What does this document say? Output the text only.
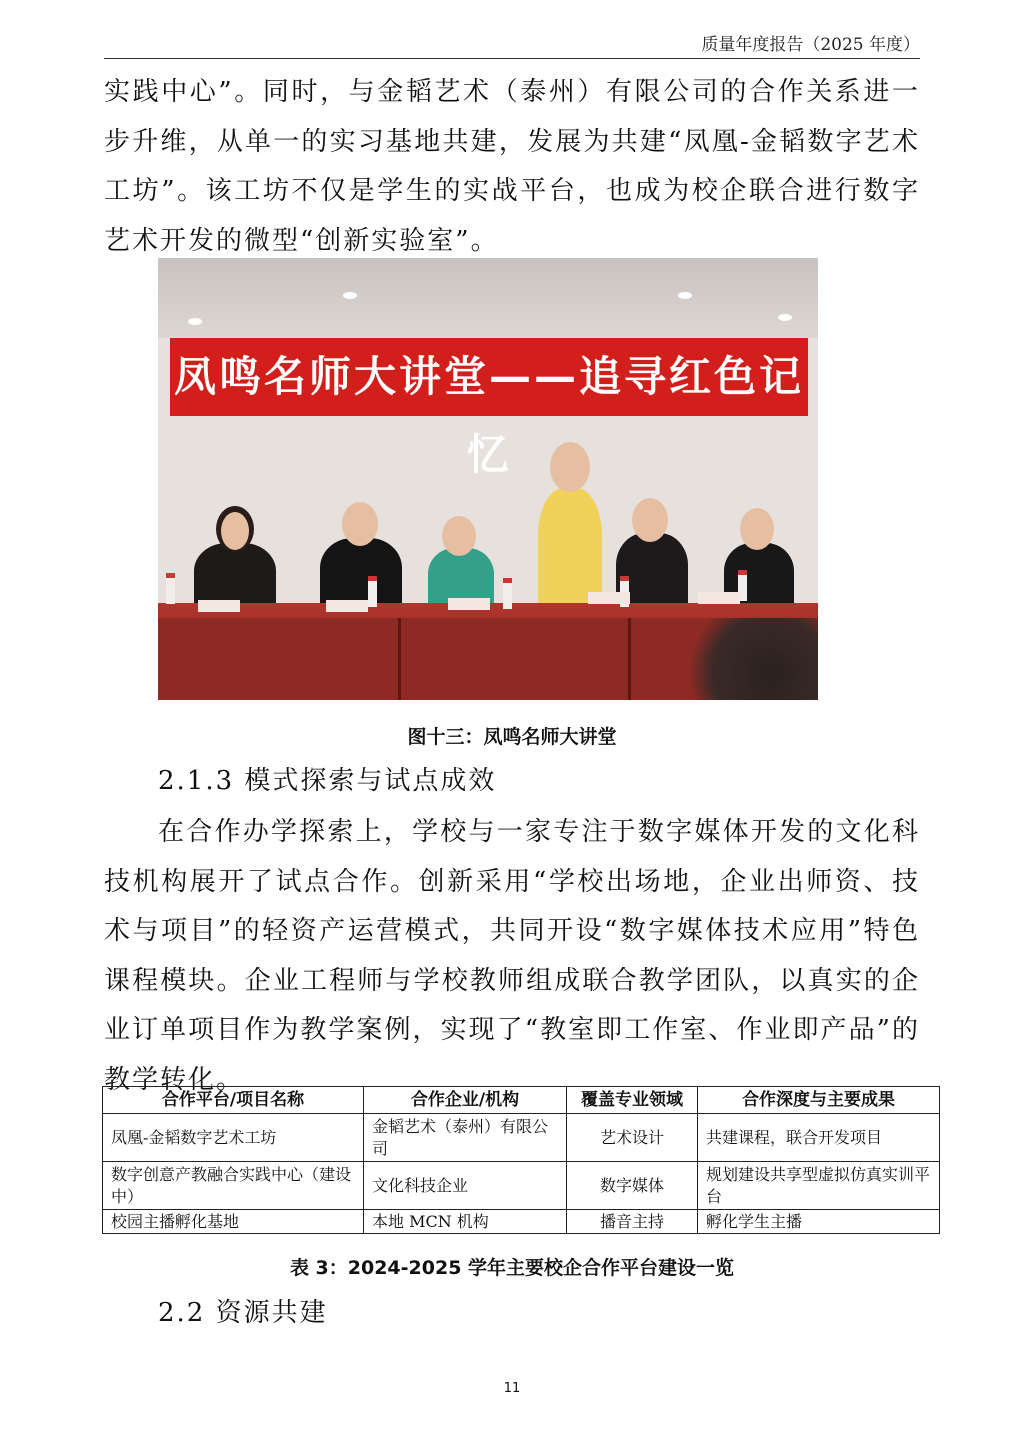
质量年度报告（2025 年度）

实践中心”。同时，与金韬艺术（泰州）有限公司的合作关系进一步升维，从单一的实习基地共建，发展为共建“凤凰-金韬数字艺术工坊”。该工坊不仅是学生的实战平台，也成为校企联合进行数字艺术开发的微型“创新实验室”。

凤鸣名师大讲堂——追寻红色记忆
图十三：凤鸣名师大讲堂
2.1.3 模式探索与试点成效

在合作办学探索上，学校与一家专注于数字媒体开发的文化科技机构展开了试点合作。创新采用“学校出场地，企业出师资、技术与项目”的轻资产运营模式，共同开设“数字媒体技术应用”特色课程模块。企业工程师与学校教师组成联合教学团队，以真实的企业订单项目作为教学案例，实现了“教室即工作室、作业即产品”的教学转化。

合作平台/项目名称	合作企业/机构	覆盖专业领域	合作深度与主要成果
凤凰-金韬数字艺术工坊	金韬艺术（泰州）有限公司	艺术设计	共建课程，联合开发项目
数字创意产教融合实践中心（建设中）	文化科技企业	数字媒体	规划建设共享型虚拟仿真实训平台
校园主播孵化基地	本地 MCN 机构	播音主持	孵化学生主播
表 3：2024-2025 学年主要校企合作平台建设一览
2.2 资源共建
11
